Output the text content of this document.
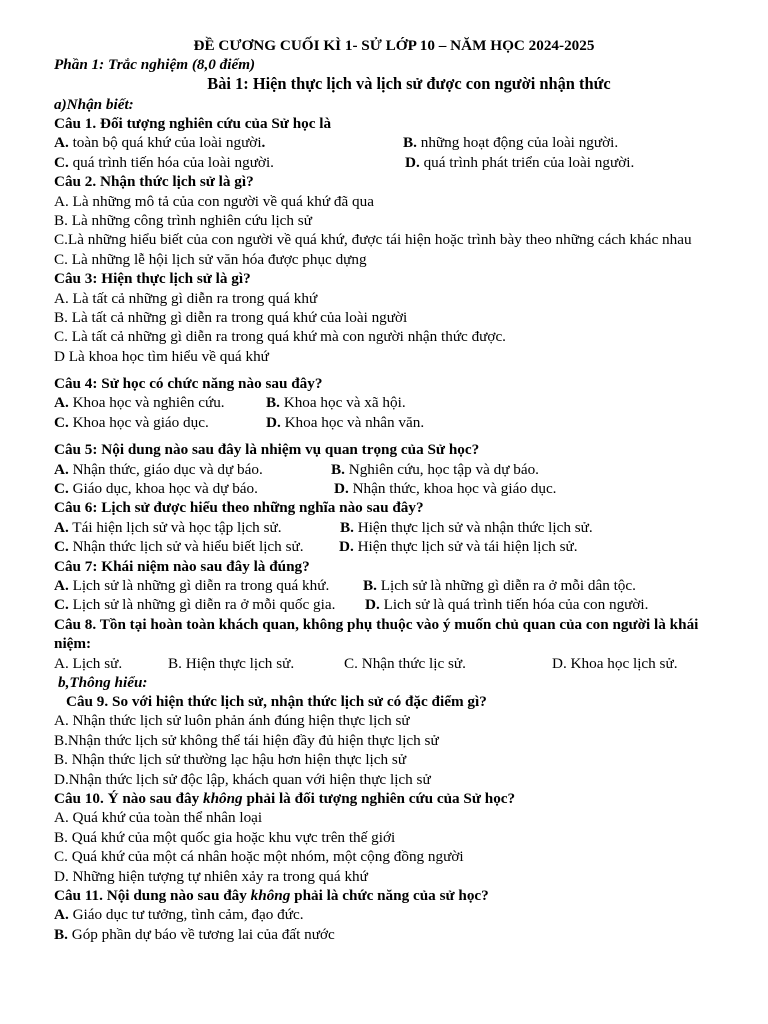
ĐỀ CƯƠNG CUỐI KÌ 1- SỬ LỚP 10 – NĂM HỌC 2024-2025
Phần 1: Trắc nghiệm (8,0 điểm)
Bài 1: Hiện thực lịch và lịch sử được con người nhận thức
a)Nhận biết:
Câu 1. Đối tượng nghiên cứu của Sử học là
A. toàn bộ quá khứ của loài người.	B. những hoạt động của loài người.
C. quá trình tiến hóa của loài người.	D. quá trình phát triển của loài người.
Câu 2. Nhận thức lịch sử là gì?
A. Là những mô tả của con người về quá khứ đã qua
B. Là những công trình nghiên cứu lịch sử
C.Là những hiểu biết của con người về quá khứ, được tái hiện hoặc trình bày theo những cách khác nhau
C. Là những lễ hội lịch sử văn hóa được phục dựng
Câu 3: Hiện thực lịch sử là gì?
A. Là tất cả những gì diễn ra trong quá khứ
B. Là tất cả những gì diễn ra trong quá khứ của loài người
C. Là tất cả những gì diễn ra trong quá khứ mà con người nhận thức được.
D Là khoa học tìm hiểu về quá khứ
Câu 4: Sử học có chức năng nào sau đây?
A. Khoa học và nghiên cứu.	B. Khoa học và xã hội.
C. Khoa học và giáo dục.	D. Khoa học và nhân văn.
Câu 5: Nội dung nào sau đây là nhiệm vụ quan trọng của Sử học?
A. Nhận thức, giáo dục và dự báo.	B. Nghiên cứu, học tập và dự báo.
C. Giáo dục, khoa học và dự báo.	D. Nhận thức, khoa học và giáo dục.
Câu 6: Lịch sử được hiểu theo những nghĩa nào sau đây?
A. Tái hiện lịch sử và học tập lịch sử.	B. Hiện thực lịch sử và nhận thức lịch sử.
C. Nhận thức lịch sử và hiểu biết lịch sử.	D. Hiện thực lịch sử và tái hiện lịch sử.
Câu 7: Khái niệm nào sau đây là đúng?
A. Lịch sử là những gì diễn ra trong quá khứ.	B. Lịch sử là những gì diễn ra ở mỗi dân tộc.
C. Lịch sử là những gì diễn ra ở mỗi quốc gia.	D. Lich sử là quá trình tiến hóa của con người.
Câu 8. Tồn tại hoàn toàn khách quan, không phụ thuộc vào ý muốn chủ quan của con người là khái niệm:
A. Lịch sử.	B. Hiện thực lịch sử.	C. Nhận thức lịc sử.	D. Khoa học lịch sử.
b,Thông hiểu:
Câu 9. So với hiện thức lịch sử, nhận thức lịch sử có đặc điểm gì?
A. Nhận thức lịch sử luôn phản ánh đúng hiện thực lịch sử
B.Nhận thức lịch sử không thể tái hiện đầy đủ hiện thực lịch sử
B. Nhận thức lịch sử thường lạc hậu hơn hiện thực lịch sử
D.Nhận thức lịch sử độc lập, khách quan với hiện thực lịch sử
Câu 10. Ý nào sau đây không phải là đối tượng nghiên cứu của Sử học?
A. Quá khứ của toàn thể nhân loại
B. Quá khứ của một quốc gia hoặc khu vực trên thế giới
C. Quá khứ của một cá nhân hoặc một nhóm, một cộng đồng người
D. Những hiện tượng tự nhiên xảy ra trong quá khứ
Câu 11. Nội dung nào sau đây không phải là chức năng của sử học?
A. Giáo dục tư tưởng, tình cảm, đạo đức.
B. Góp phần dự báo về tương lai của đất nước
